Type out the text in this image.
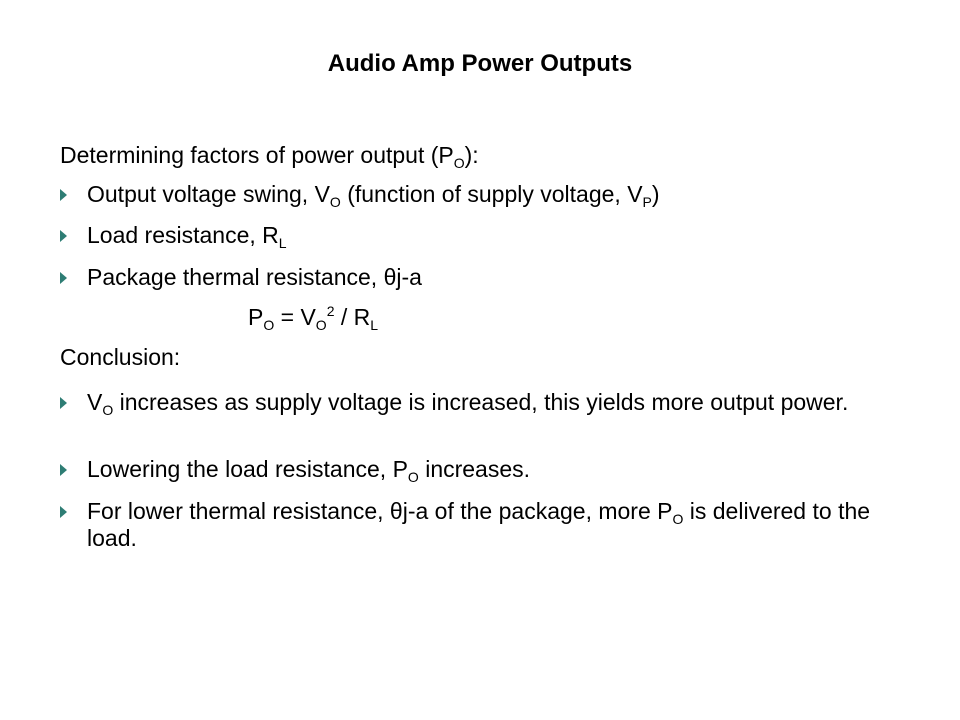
Audio Amp Power Outputs
Determining factors of power output $(P_O)$:
Output voltage swing, $V_O$ (function of supply voltage, $V_P$)
Load resistance, $R_L$
Package thermal resistance, θj-a
$P_O = V_O^2 / R_L$
Conclusion:
$V_O$ increases as supply voltage is increased, this yields more output power.
Lowering the load resistance, $P_O$ increases.
For lower thermal resistance, θj-a of the package, more $P_O$ is delivered to the load.
